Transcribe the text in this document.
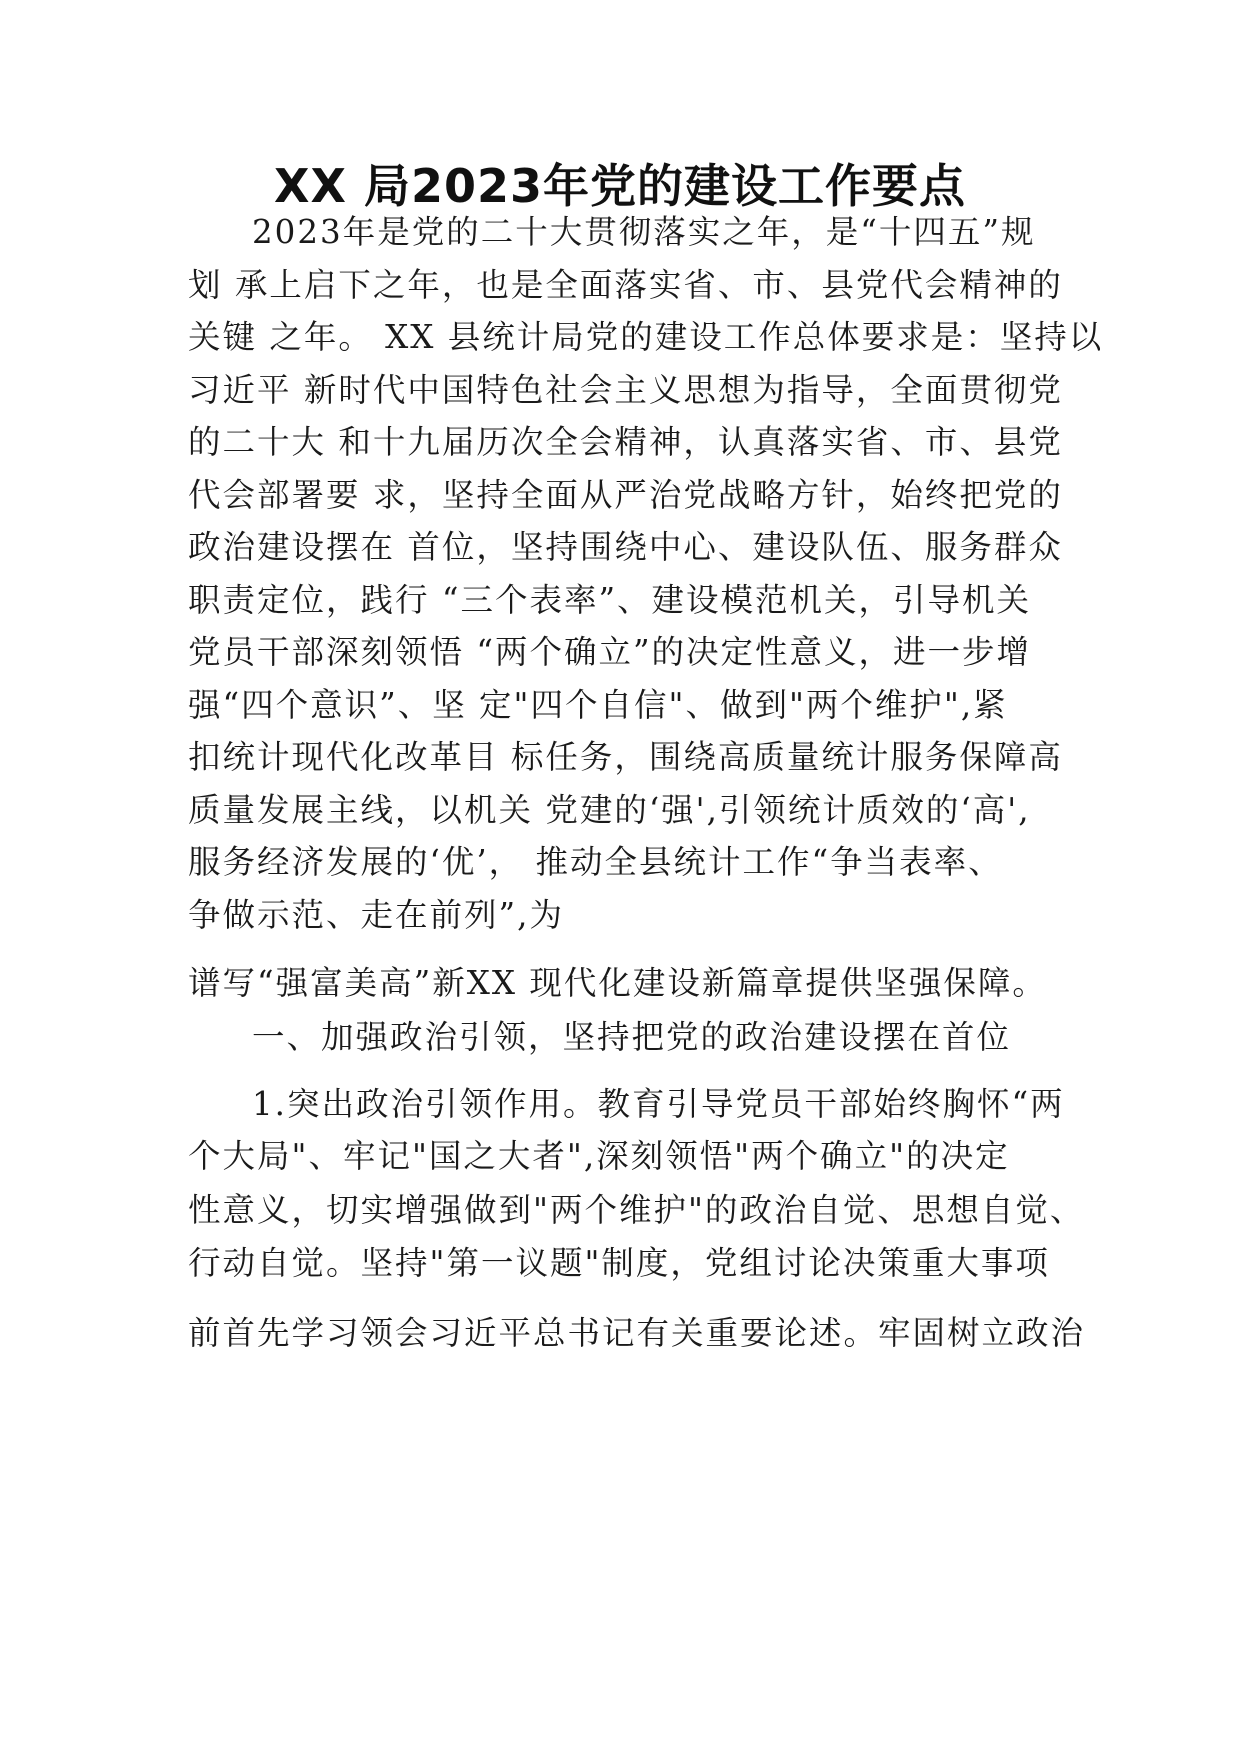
XX 局2023年党的建设工作要点
2023年是党的二十大贯彻落实之年，是“十四五”规
划 承上启下之年，也是全面落实省、市、县党代会精神的
关键 之年。 XX 县统计局党的建设工作总体要求是：坚持以
习近平 新时代中国特色社会主义思想为指导，全面贯彻党
的二十大 和十九届历次全会精神，认真落实省、市、县党
代会部署要 求，坚持全面从严治党战略方针，始终把党的
政治建设摆在 首位，坚持围绕中心、建设队伍、服务群众
职责定位，践行 “三个表率”、建设模范机关，引导机关
党员干部深刻领悟 “两个确立”的决定性意义，进一步增
强“四个意识”、坚 定"四个自信"、做到"两个维护",紧
扣统计现代化改革目 标任务，围绕高质量统计服务保障高
质量发展主线，以机关 党建的‘强',引领统计质效的‘高',
服务经济发展的‘优’， 推动全县统计工作“争当表率、
争做示范、走在前列”,为
谱写“强富美高”新XX 现代化建设新篇章提供坚强保障。
一、加强政治引领，坚持把党的政治建设摆在首位
1.突出政治引领作用。教育引导党员干部始终胸怀“两
个大局"、牢记"国之大者",深刻领悟"两个确立"的决定
性意义，切实增强做到"两个维护"的政治自觉、思想自觉、
行动自觉。坚持"第一议题"制度，党组讨论决策重大事项
前首先学习领会习近平总书记有关重要论述。牢固树立政治
